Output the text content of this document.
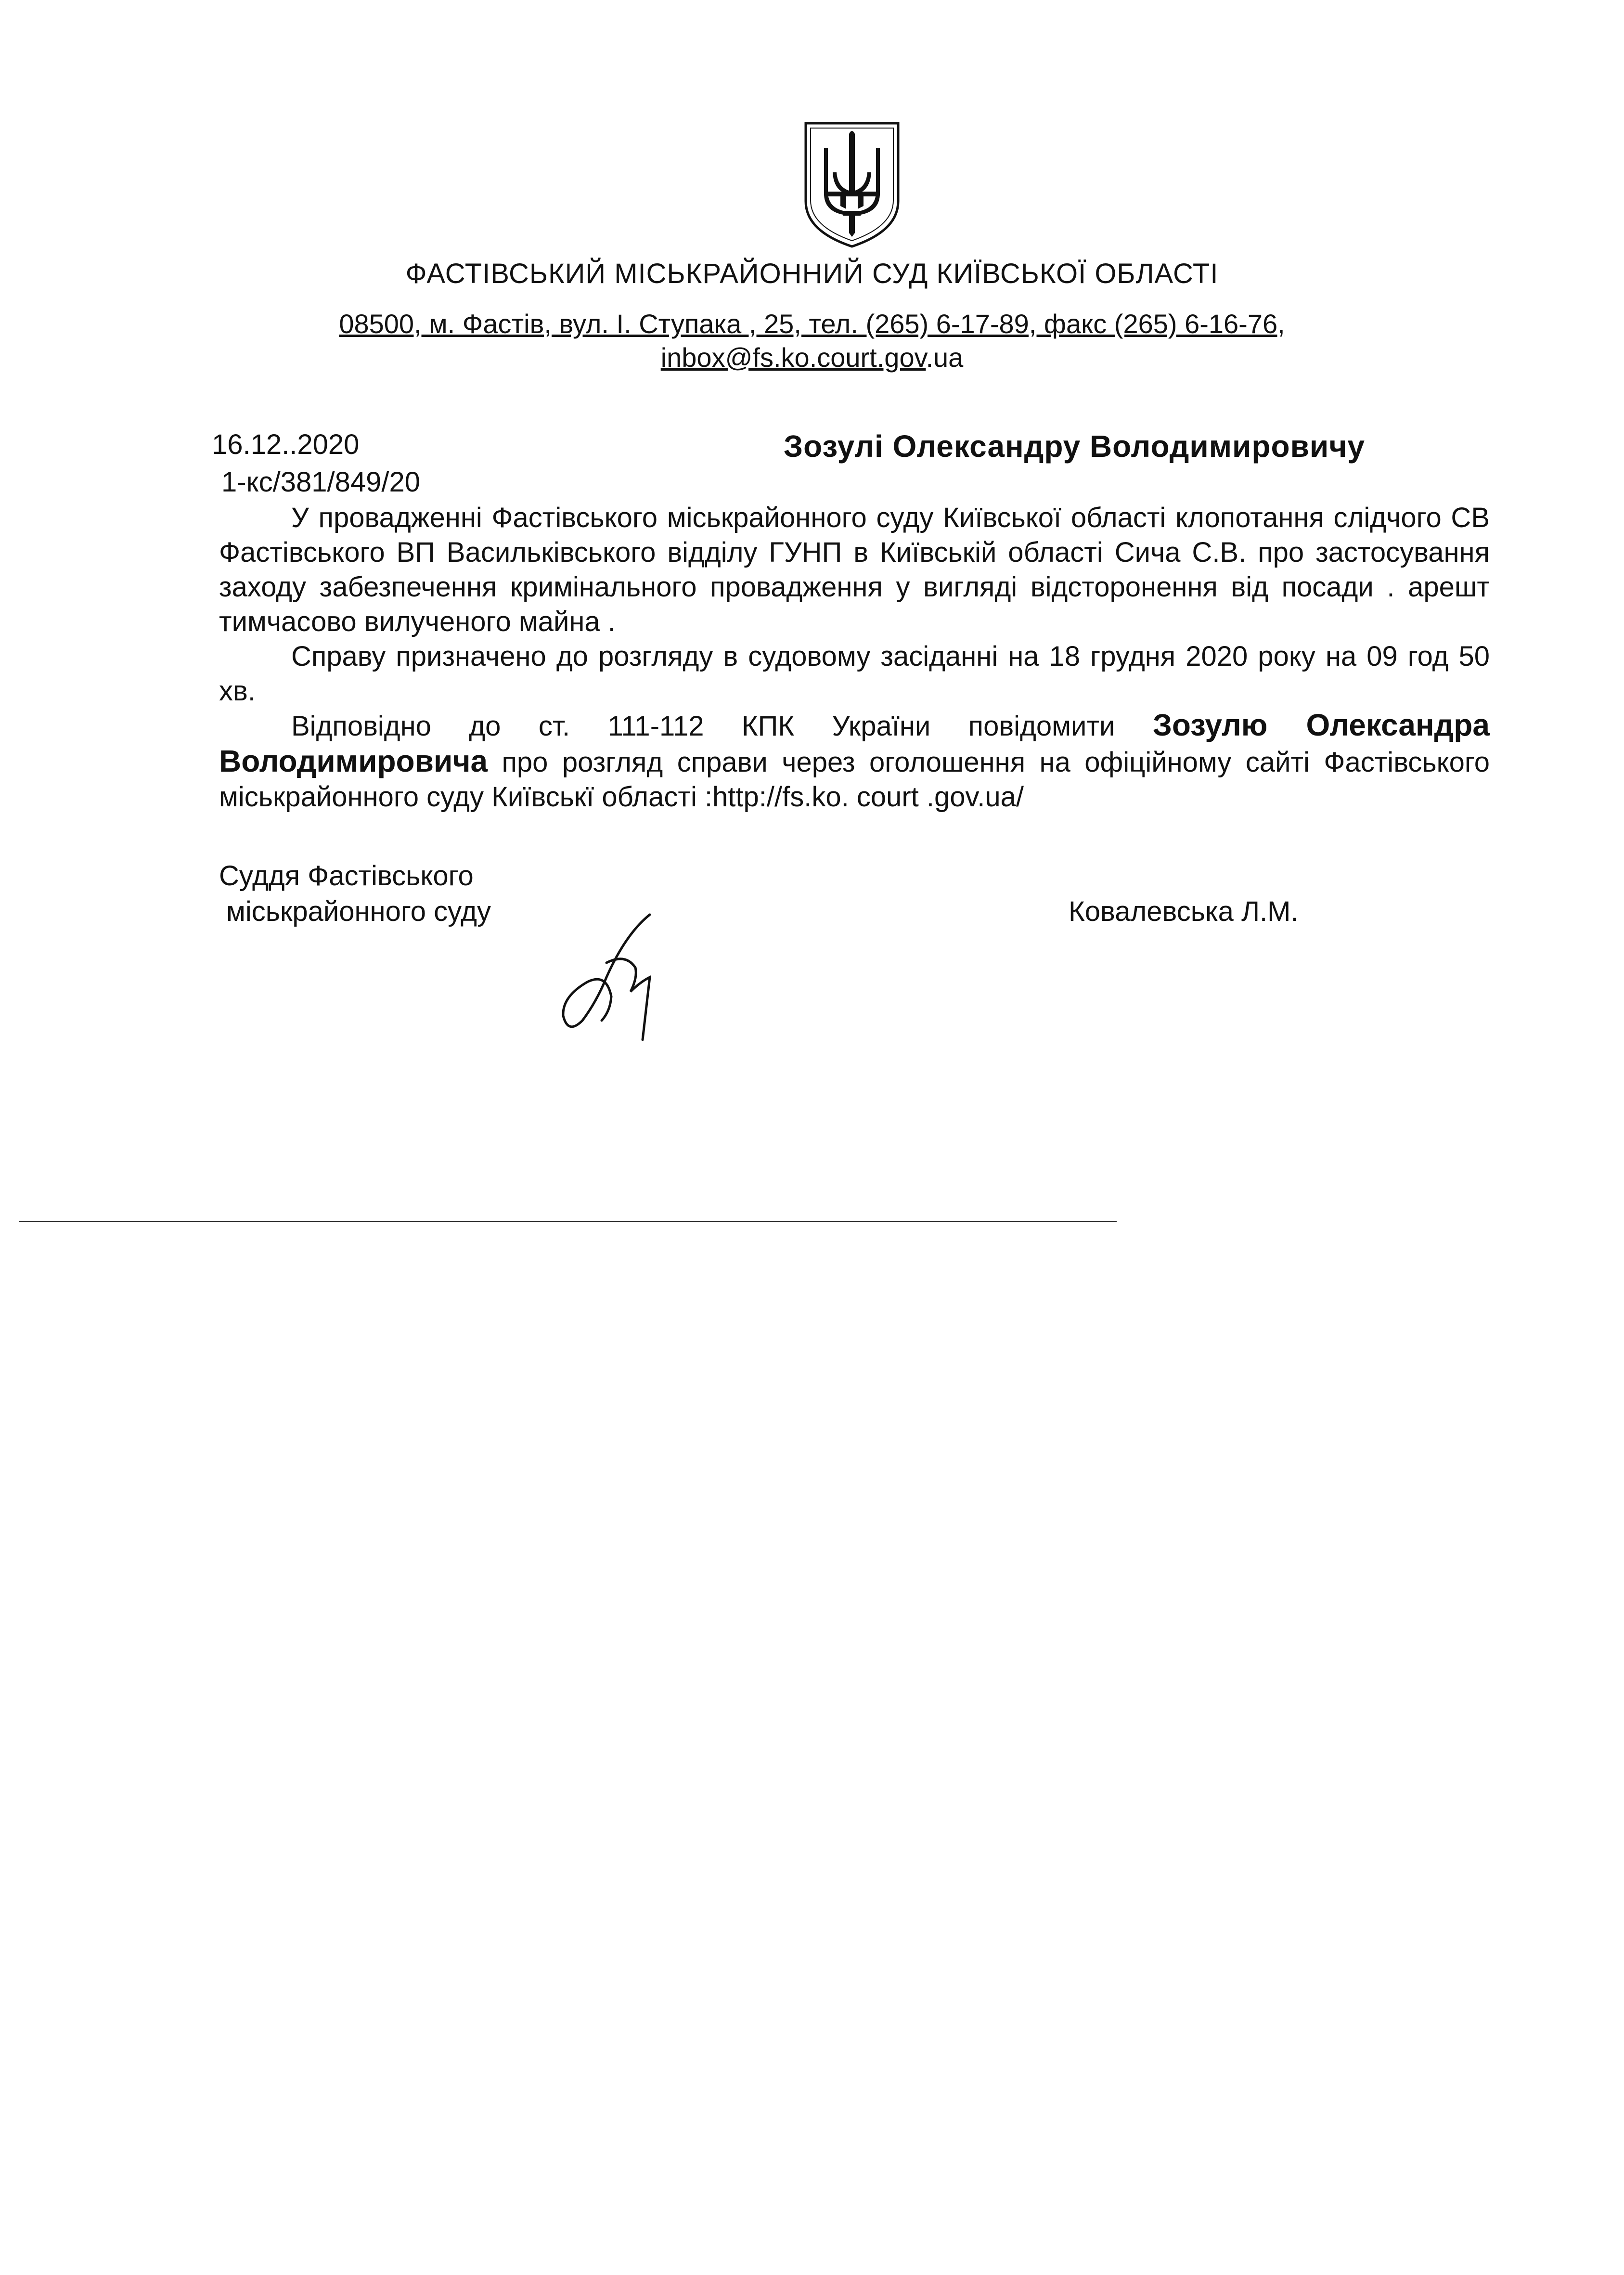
ФАСТІВСЬКИЙ МІСЬКРАЙОННИЙ СУД КИЇВСЬКОЇ ОБЛАСТІ
08500, м. Фастів, вул. І. Ступака , 25, тел. (265) 6-17-89, факс (265) 6-16-76,
inbox@fs.ko.court.gov.ua
16.12..2020
1-кс/381/849/20
Зозулі Олександру Володимировичу
У провадженні Фастівського міськрайонного суду Київської області клопотання слідчого СВ Фастівського ВП Васильківського відділу ГУНП в Київській області Сича С.В. про застосування заходу забезпечення кримінального провадження у вигляді відсторонення від посади . арешт тимчасово вилученого майна .
Справу призначено до розгляду в судовому засіданні на 18 грудня 2020 року на 09 год 50 хв.
Відповідно до ст. 111-112 КПК України повідомити Зозулю Олександра Володимировича про розгляд справи через оголошення на офіційному сайті Фастівського міськрайонного суду Київськї області :http://fs.ko. court .gov.ua/
Суддя Фастівського
міськрайонного суду	Ковалевська Л.М.
